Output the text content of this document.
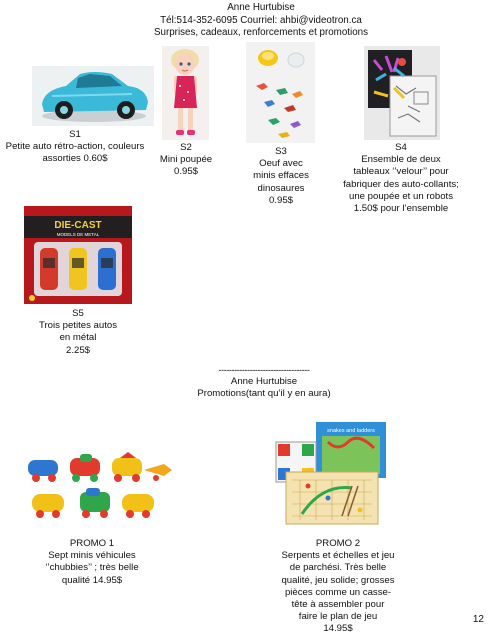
Anne Hurtubise
Tél:514-352-6095 Courriel: ahbi@videotron.ca
Surprises, cadeaux, renforcements et promotions
S1
Petite auto rétro-action, couleurs
assorties 0.60$
S2
Mini poupée
0.95$
S3
Oeuf avec
minis effaces
dinosaures
0.95$
S4
Ensemble de deux
tableaux ‘’velour’’ pour
fabriquer des auto-collants;
une poupée et un robots
1.50$ pour l’ensemble
DIE-CAST
MODELS DE METAL
S5
Trois petites autos
en métal
2.25$
-----------------------------------
Anne Hurtubise
Promotions(tant qu’il y en aura)
PROMO 1
Sept minis véhicules
‘’chubbies’’ ; très belle
qualité 14.95$
snakes and ladders
PROMO 2
Serpents et échelles et jeu
de parchési. Très belle
qualité, jeu solide; grosses
pièces comme un casse-
tête à assembler pour
faire le plan de jeu
14.95$
12
